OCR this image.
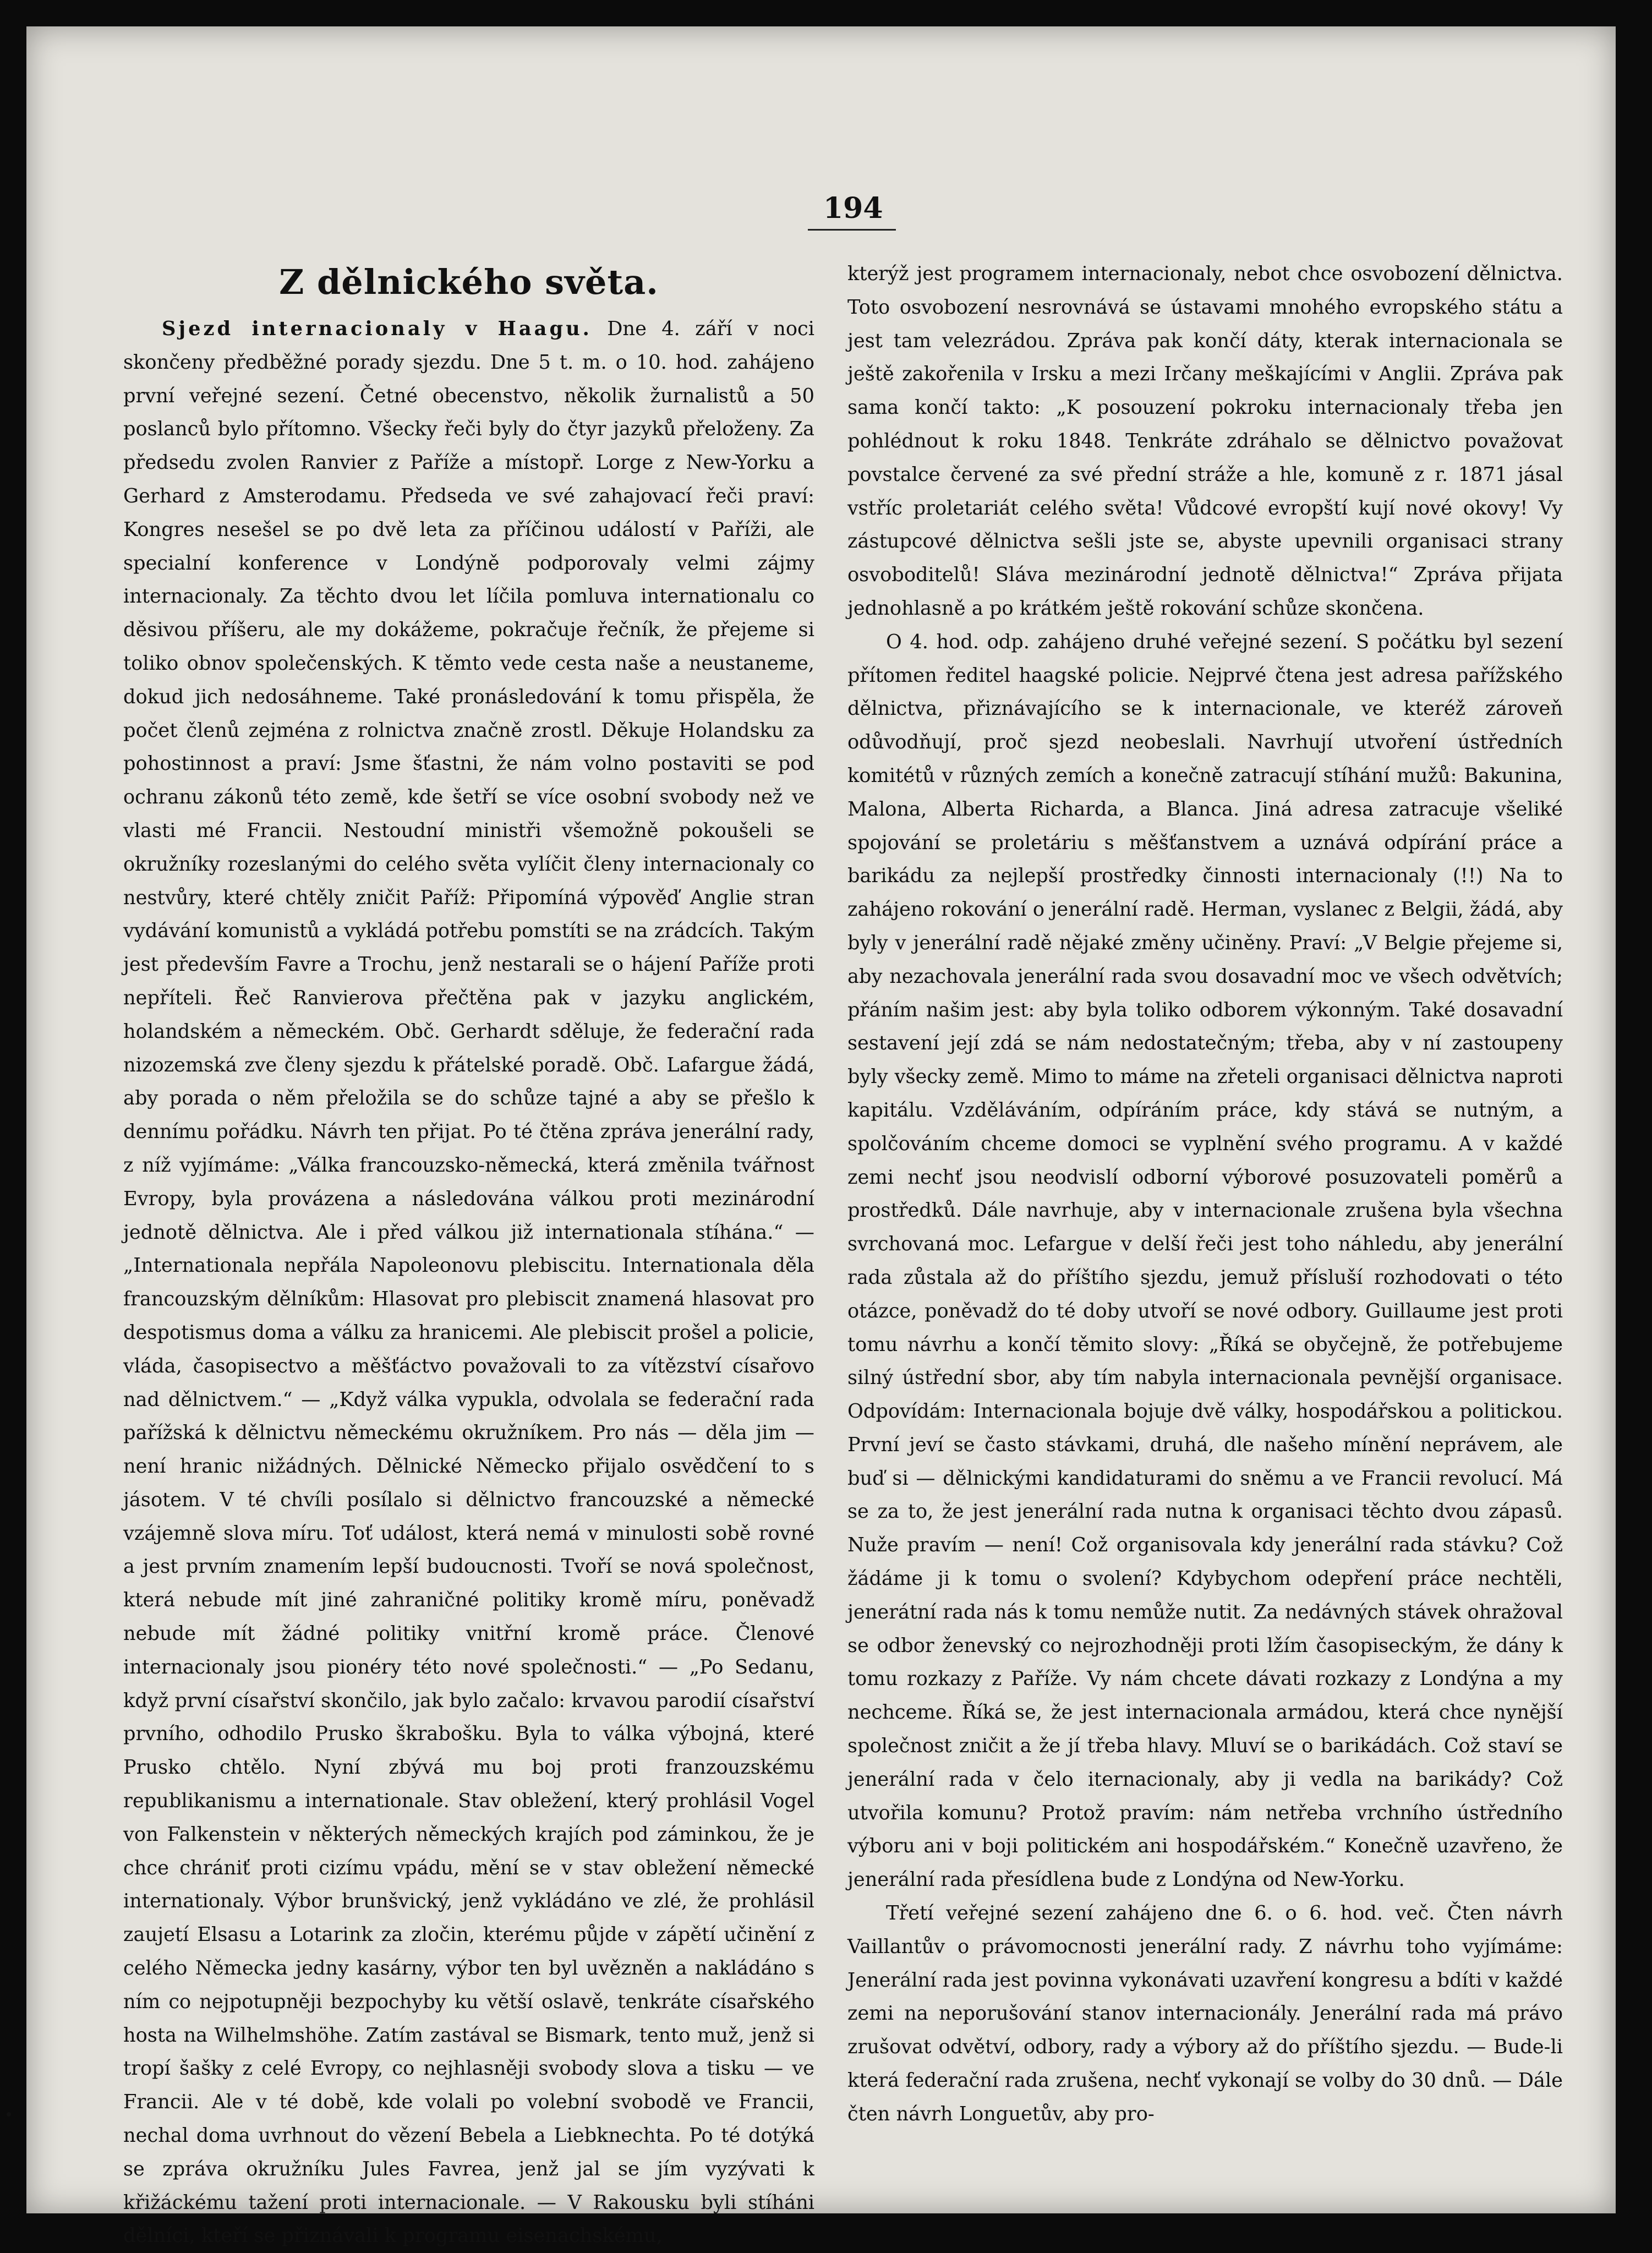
194
Z dělnického světa.

Sjezd internacionaly v Haagu. Dne 4. září v noci skončeny předběžné porady sjezdu. Dne 5 t. m. o 10. hod. zahájeno první veřejné sezení. Četné obecenstvo, několik žurnalistů a 50 poslanců bylo přítomno. Všecky řeči byly do čtyr jazyků přeloženy. Za předsedu zvolen Ranvier z Paříže a místopř. Lorge z New-Yorku a Gerhard z Amsterodamu. Předseda ve své zahajovací řeči praví: Kongres nesešel se po dvě leta za příčinou událostí v Paříži, ale specialní konference v Londýně podporovaly velmi zájmy internacionaly. Za těchto dvou let líčila pomluva internationalu co děsivou příšeru, ale my dokážeme, pokračuje řečník, že přejeme si toliko obnov společenských. K těmto vede cesta naše a neustaneme, dokud jich nedosáhneme. Také pronásledování k tomu přispěla, že počet členů zejména z rolnictva značně zrostl. Děkuje Holandsku za pohostinnost a praví: Jsme šťastni, že nám volno postaviti se pod ochranu zákonů této země, kde šetří se více osobní svobody než ve vlasti mé Francii. Nestoudní ministři všemožně pokoušeli se okružníky rozeslanými do celého světa vylíčit členy internacionaly co nestvůry, které chtěly zničit Paříž: Připomíná výpověď Anglie stran vydávání komunistů a vykládá potřebu pomstíti se na zrádcích. Takým jest především Favre a Trochu, jenž nestarali se o hájení Paříže proti nepříteli. Řeč Ranvierova přečtěna pak v jazyku anglickém, holandském a německém. Obč. Gerhardt sděluje, že federační rada nizozemská zve členy sjezdu k přátelské poradě. Obč. Lafargue žádá, aby porada o něm přeložila se do schůze tajné a aby se přešlo k dennímu pořádku. Návrh ten přijat. Po té čtěna zpráva jenerální rady, z níž vyjímáme: „Válka francouzsko-německá, která změnila tvářnost Evropy, byla provázena a následována válkou proti mezinárodní jednotě dělnictva. Ale i před válkou již internationala stíhána.“ — „Internationala nepřála Napoleonovu plebiscitu. Internationala děla francouzským dělníkům: Hlasovat pro plebiscit znamená hlasovat pro despotismus doma a válku za hranicemi. Ale plebiscit prošel a policie, vláda, časopisectvo a měšťáctvo považovali to za vítězství císařovo nad dělnictvem.“ — „Když válka vypukla, odvolala se federační rada pařížská k dělnictvu německému okružníkem. Pro nás — děla jim — není hranic nižádných. Dělnické Německo přijalo osvědčení to s jásotem. V té chvíli posílalo si dělnictvo francouzské a německé vzájemně slova míru. Toť událost, která nemá v minulosti sobě rovné a jest prvním znamením lepší budoucnosti. Tvoří se nová společnost, která nebude mít jiné zahraničné politiky kromě míru, poněvadž nebude mít žádné politiky vnitřní kromě práce. Členové internacionaly jsou pionéry této nové společnosti.“ — „Po Sedanu, když první císařství skončilo, jak bylo začalo: krvavou parodií císařství prvního, odhodilo Prusko škrabošku. Byla to válka výbojná, které Prusko chtělo. Nyní zbývá mu boj proti franzouzskému republikanismu a internationale. Stav obležení, který prohlásil Vogel von Falkenstein v některých německých krajích pod záminkou, že je chce chrániť proti cizímu vpádu, mění se v stav obležení německé internationaly. Výbor brunšvický, jenž vykládáno ve zlé, že prohlásil zaujetí Elsasu a Lotarink za zločin, kterému půjde v zápětí učinění z celého Německa jedny kasárny, výbor ten byl uvězněn a nakládáno s ním co nejpotupněji bezpochyby ku větší oslavě, tenkráte císařského hosta na Wilhelmshöhe. Zatím zastával se Bismark, tento muž, jenž si tropí šašky z celé Evropy, co nejhlasněji svobody slova a tisku — ve Francii. Ale v té době, kde volali po volební svobodě ve Francii, nechal doma uvrhnout do vězení Bebela a Liebknechta. Po té dotýká se zpráva okružníku Jules Favrea, jenž jal se jím vyzývati k křižáckému tažení proti internacionale. — V Rakousku byli stíháni dělníci, kteří se přiznávali k programu eisenachskému,

kterýž jest programem internacionaly, nebot chce osvobození dělnictva. Toto osvobození nesrovnává se ústavami mnohého evropského státu a jest tam velezrádou. Zpráva pak končí dáty, kterak internacionala se ještě zakořenila v Irsku a mezi Irčany meškajícími v Anglii. Zpráva pak sama končí takto: „K posouzení pokroku internacionaly třeba jen pohlédnout k roku 1848. Tenkráte zdráhalo se dělnictvo považovat povstalce červené za své přední stráže a hle, komuně z r. 1871 jásal vstříc proletariát celého světa! Vůdcové evropští kují nové okovy! Vy zástupcové dělnictva sešli jste se, abyste upevnili organisaci strany osvoboditelů! Sláva mezinárodní jednotě dělnictva!“ Zpráva přijata jednohlasně a po krátkém ještě rokování schůze skončena.

O 4. hod. odp. zahájeno druhé veřejné sezení. S počátku byl sezení přítomen ředitel haagské policie. Nejprvé čtena jest adresa pařížského dělnictva, přiznávajícího se k internacionale, ve kteréž zároveň odůvodňují, proč sjezd neobeslali. Navrhují utvoření ústředních komitétů v různých zemích a konečně zatracují stíhání mužů: Bakunina, Malona, Alberta Richarda, a Blanca. Jiná adresa zatracuje všeliké spojování se proletáriu s měšťanstvem a uznává odpírání práce a barikádu za nejlepší prostředky činnosti internacionaly (!!) Na to zahájeno rokování o jenerální radě. Herman, vyslanec z Belgii, žádá, aby byly v jenerální radě nějaké změny učiněny. Praví: „V Belgie přejeme si, aby nezachovala jenerální rada svou dosavadní moc ve všech odvětvích; přáním našim jest: aby byla toliko odborem výkonným. Také dosavadní sestavení její zdá se nám nedostatečným; třeba, aby v ní zastoupeny byly všecky země. Mimo to máme na zřeteli organisaci dělnictva naproti kapitálu. Vzděláváním, odpíráním práce, kdy stává se nutným, a spolčováním chceme domoci se vyplnění svého programu. A v každé zemi nechť jsou neodvislí odborní výborové posuzovateli poměrů a prostředků. Dále navrhuje, aby v internacionale zrušena byla všechna svrchovaná moc. Lefargue v delší řeči jest toho náhledu, aby jenerální rada zůstala až do příštího sjezdu, jemuž přísluší rozhodovati o této otázce, poněvadž do té doby utvoří se nové odbory. Guillaume jest proti tomu návrhu a končí těmito slovy: „Říká se obyčejně, že potřebujeme silný ústřední sbor, aby tím nabyla internacionala pevnější organisace. Odpovídám: Internacionala bojuje dvě války, hospodářskou a politickou. První jeví se často stávkami, druhá, dle našeho mínění neprávem, ale buď si — dělnickými kandidaturami do sněmu a ve Francii revolucí. Má se za to, že jest jenerální rada nutna k organisaci těchto dvou zápasů. Nuže pravím — není! Což organisovala kdy jenerální rada stávku? Což žádáme ji k tomu o svolení? Kdybychom odepření práce nechtěli, jenerátní rada nás k tomu nemůže nutit. Za nedávných stávek ohražoval se odbor ženevský co nejrozhodněji proti lžím časopiseckým, že dány k tomu rozkazy z Paříže. Vy nám chcete dávati rozkazy z Londýna a my nechceme. Říká se, že jest internacionala armádou, která chce nynější společnost zničit a že jí třeba hlavy. Mluví se o barikádách. Což staví se jenerální rada v čelo iternacionaly, aby ji vedla na barikády? Což utvořila komunu? Protož pravím: nám netřeba vrchního ústředního výboru ani v boji politickém ani hospodářském.“ Konečně uzavřeno, že jenerální rada přesídlena bude z Londýna od New-Yorku.

Třetí veřejné sezení zahájeno dne 6. o 6. hod. več. Čten návrh Vaillantův o právomocnosti jenerální rady. Z návrhu toho vyjímáme: Jenerální rada jest povinna vykonávati uzavření kongresu a bdíti v každé zemi na neporušování stanov internacionály. Jenerální rada má právo zrušovat odvětví, odbory, rady a výbory až do příštího sjezdu. — Bude-li která federační rada zrušena, nechť vykonají se volby do 30 dnů. — Dále čten návrh Longuetův, aby pro-
